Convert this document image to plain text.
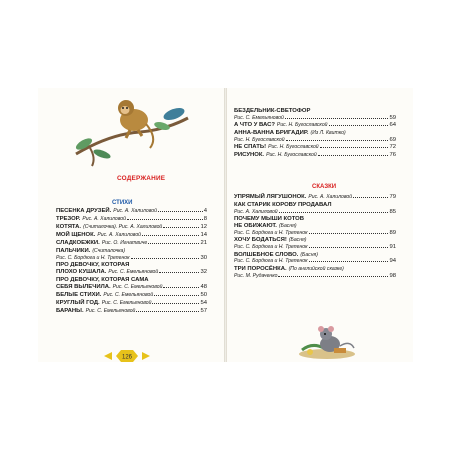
СОДЕРЖАНИЕ
СТИХИ
ПЕСЕНКА ДРУЗЕЙ. Рис. А. Халиловой	4
ТРЕЗОР. Рис. А. Халиловой	8
КОТЯТА. (Считалочка). Рис. А. Халиловой	12
МОЙ ЩЕНОК. Рис. А. Халиловой	14
СЛАДКОЕЖКИ. Рис. О. Игнатвиче	21
ПАЛЬЧИКИ. (Считалочка)
Рис. С. Бордюга и Н. Трепенок	30
ПРО ДЕВОЧКУ, КОТОРАЯ
ПЛОХО КУШАЛА. Рис. С. Емельяновой	32
ПРО ДЕВОЧКУ, КОТОРАЯ САМА
СЕБЯ ВЫЛЕЧИЛА. Рис. С. Емельяновой	48
БЕЛЫЕ СТИХИ. Рис. С. Емельяновой	50
КРУГЛЫЙ ГОД. Рис. С. Емельяновой	54
БАРАНЫ. Рис. С. Емельяновой	57
126
БЕЗДЕЛЬНИК-СВЕТОФОР
Рис. С. Емельяновой	59
А ЧТО У ВАС? Рис. Н. Бугославской	64
АННА-ВАННА БРИГАДИР. (Из Л. Квитко)
Рис. Н. Бугославской	69
НЕ СПАТЬ! Рис. Н. Бугославской	72
РИСУНОК. Рис. Н. Бугославской	76
СКАЗКИ
УПРЯМЫЙ ЛЯГУШОНОК. Рис. А. Халиловой	79
КАК СТАРИК КОРОВУ ПРОДАВАЛ
Рис. А. Халиловой	85
ПОЧЕМУ МЫШИ КОТОВ
НЕ ОБИЖАЮТ. (Басня)
Рис. С. Бордюга и Н. Трепенок	89
ХОЧУ БОДАТЬСЯ! (Басня)
Рис. С. Бордюга и Н. Трепенок	91
ВОЛШЕБНОЕ СЛОВО. (Басня)
Рис. С. Бордюга и Н. Трепенок	94
ТРИ ПОРОСЁНКА. (По английской сказке)
Рис. М. Рудаченко	98
